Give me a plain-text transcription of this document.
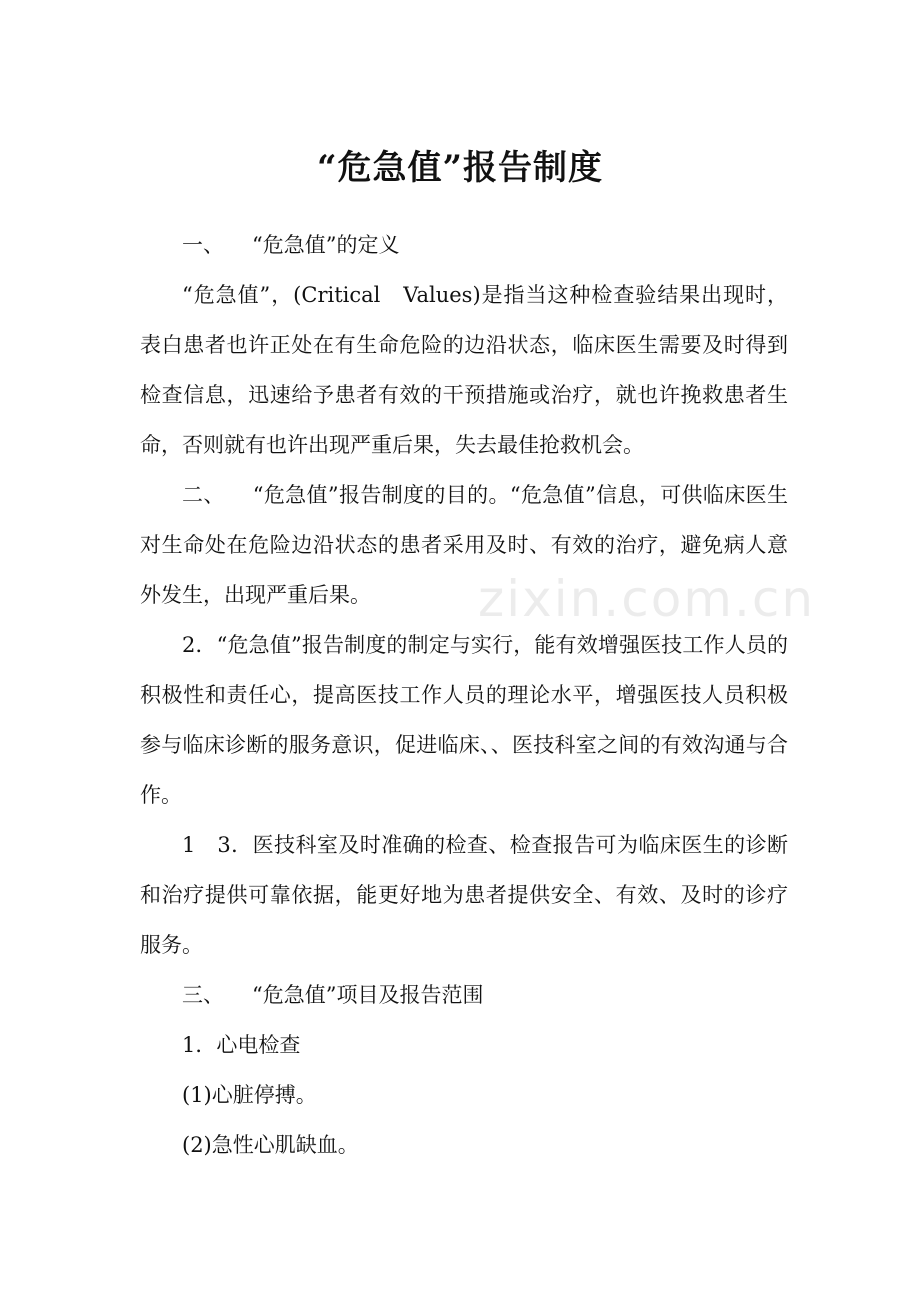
“危急值”报告制度

一、 “危急值”的定义

“危急值”，(Critical　Values)是指当这种检查验结果出现时，表白患者也许正处在有生命危险的边沿状态，临床医生需要及时得到检查信息，迅速给予患者有效的干预措施或治疗，就也许挽救患者生命，否则就有也许出现严重后果，失去最佳抢救机会。

二、 “危急值”报告制度的目的。“危急值”信息，可供临床医生对生命处在危险边沿状态的患者采用及时、有效的治疗，避免病人意外发生，出现严重后果。

2．“危急值”报告制度的制定与实行，能有效增强医技工作人员的积极性和责任心，提高医技工作人员的理论水平，增强医技人员积极参与临床诊断的服务意识，促进临床、、医技科室之间的有效沟通与合作。

1 3．医技科室及时准确的检查、检查报告可为临床医生的诊断和治疗提供可靠依据，能更好地为患者提供安全、有效、及时的诊疗服务。

三、 “危急值”项目及报告范围

1．心电检查

(1)心脏停搏。

(2)急性心肌缺血。

zixin.com.cn
